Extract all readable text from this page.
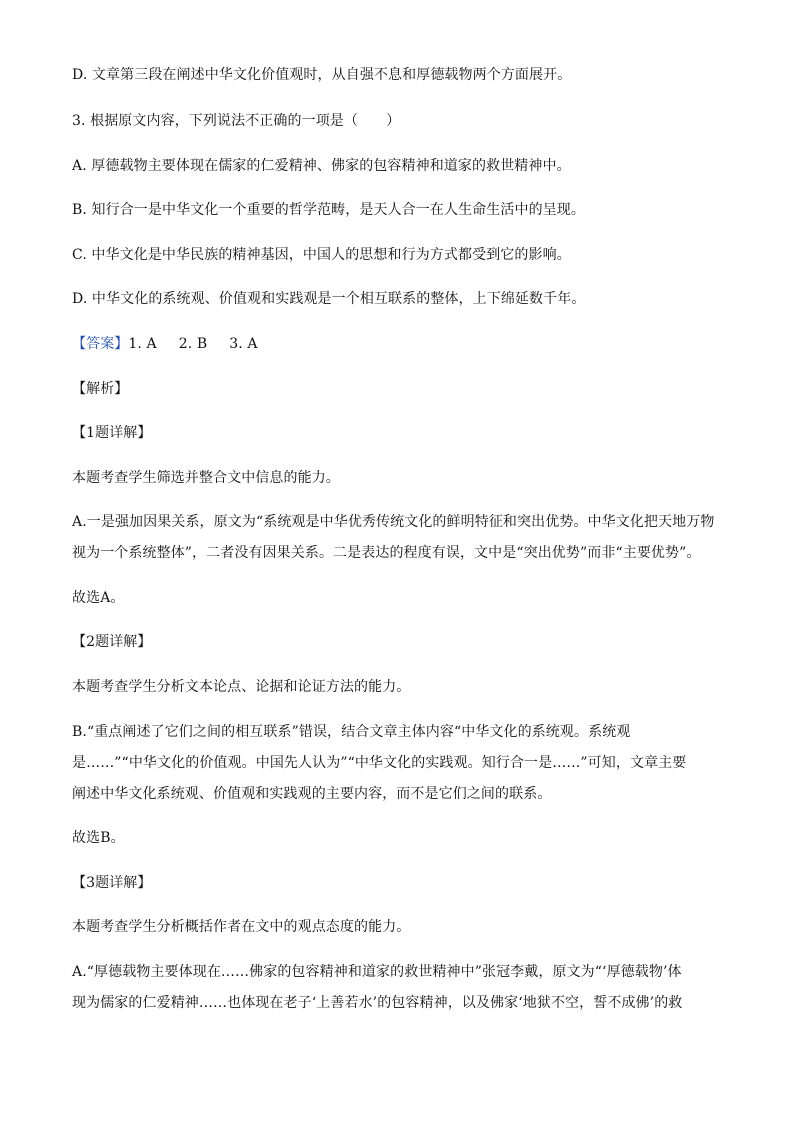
D. 文章第三段在阐述中华文化价值观时，从自强不息和厚德载物两个方面展开。
3. 根据原文内容，下列说法不正确的一项是（　　）
A. 厚德载物主要体现在儒家的仁爱精神、佛家的包容精神和道家的救世精神中。
B. 知行合一是中华文化一个重要的哲学范畴，是天人合一在人生命生活中的呈现。
C. 中华文化是中华民族的精神基因，中国人的思想和行为方式都受到它的影响。
D. 中华文化的系统观、价值观和实践观是一个相互联系的整体，上下绵延数千年。
【答案】1. A 2. B 3. A
【解析】
【1题详解】
本题考查学生筛选并整合文中信息的能力。
A.一是强加因果关系，原文为“系统观是中华优秀传统文化的鲜明特征和突出优势。中华文化把天地万物
视为一个系统整体”，二者没有因果关系。二是表达的程度有误，文中是“突出优势”而非“主要优势”。
故选A。
【2题详解】
本题考查学生分析文本论点、论据和论证方法的能力。
B.“重点阐述了它们之间的相互联系”错误，结合文章主体内容“中华文化的系统观。系统观
是……”“中华文化的价值观。中国先人认为”“中华文化的实践观。知行合一是……”可知，文章主要
阐述中华文化系统观、价值观和实践观的主要内容，而不是它们之间的联系。
故选B。
【3题详解】
本题考查学生分析概括作者在文中的观点态度的能力。
A.“厚德载物主要体现在……佛家的包容精神和道家的救世精神中”张冠李戴，原文为“‘厚德载物’体
现为儒家的仁爱精神……也体现在老子‘上善若水’的包容精神，以及佛家‘地狱不空，誓不成佛’的救
